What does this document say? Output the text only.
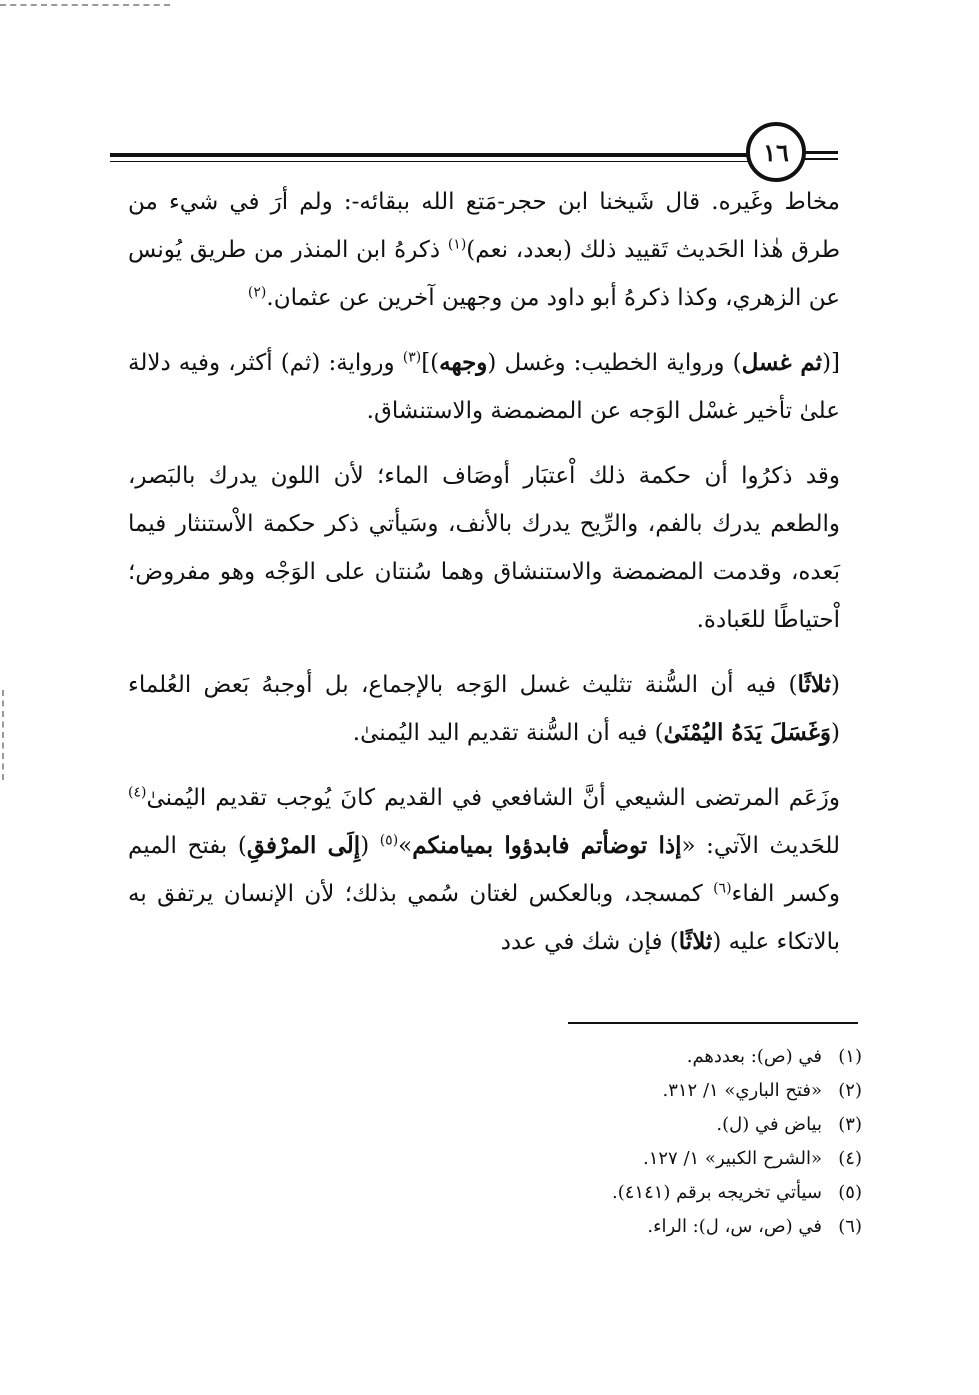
١٦

مخاط وغَيره. قال شَيخنا ابن حجر-مَتع الله ببقائه-: ولم أرَ في شيء من طرق هٰذا الحَديث تَقييد ذلك (بعدد، نعم)$^{(١)}$ ذكرهُ ابن المنذر من طريق يُونس عن الزهري، وكذا ذكرهُ أبو داود من وجهين آخرين عن عثمان.$^{(٢)}$

[(ثم غسل) ورواية الخطيب: وغسل (وجهه)]$^{(٣)}$ ورواية: (ثم) أكثر، وفيه دلالة علىٰ تأخير غسْل الوَجه عن المضمضة والاستنشاق.

وقد ذكرُوا أن حكمة ذلك اْعتبَار أوصَاف الماء؛ لأن اللون يدرك بالبَصر، والطعم يدرك بالفم، والرِّيح يدرك بالأنف، وسَيأتي ذكر حكمة الاْستنثار فيما بَعده، وقدمت المضمضة والاستنشاق وهما سُنتان على الوَجْه وهو مفروض؛ اْحتياطًا للعَبادة.

(ثلاثًا) فيه أن السُّنة تثليث غسل الوَجه بالإجماع، بل أوجبهُ بَعض العُلماء (وَغَسَلَ يَدَهُ اليُمْنَىٰ) فيه أن السُّنة تقديم اليد اليُمنىٰ.

وزَعَم المرتضى الشيعي أنَّ الشافعي في القديم كانَ يُوجب تقديم اليُمنىٰ$^{(٤)}$ للحَديث الآتي: «إذا توضأتم فابدؤوا بميامنكم»$^{(٥)}$ (إِلَى المرْفقِ) بفتح الميم وكسر الفاء$^{(٦)}$ كمسجد، وبالعكس لغتان سُمي بذلك؛ لأن الإنسان يرتفق به بالاتكاء عليه (ثلاثًا) فإن شك في عدد

(١)في (ص): بعددهم.
(٢)«فتح الباري» ١/ ٣١٢.
(٣)بياض في (ل).
(٤)«الشرح الكبير» ١/ ١٢٧.
(٥)سيأتي تخريجه برقم (٤١٤١).
(٦)في (ص، س، ل): الراء.
